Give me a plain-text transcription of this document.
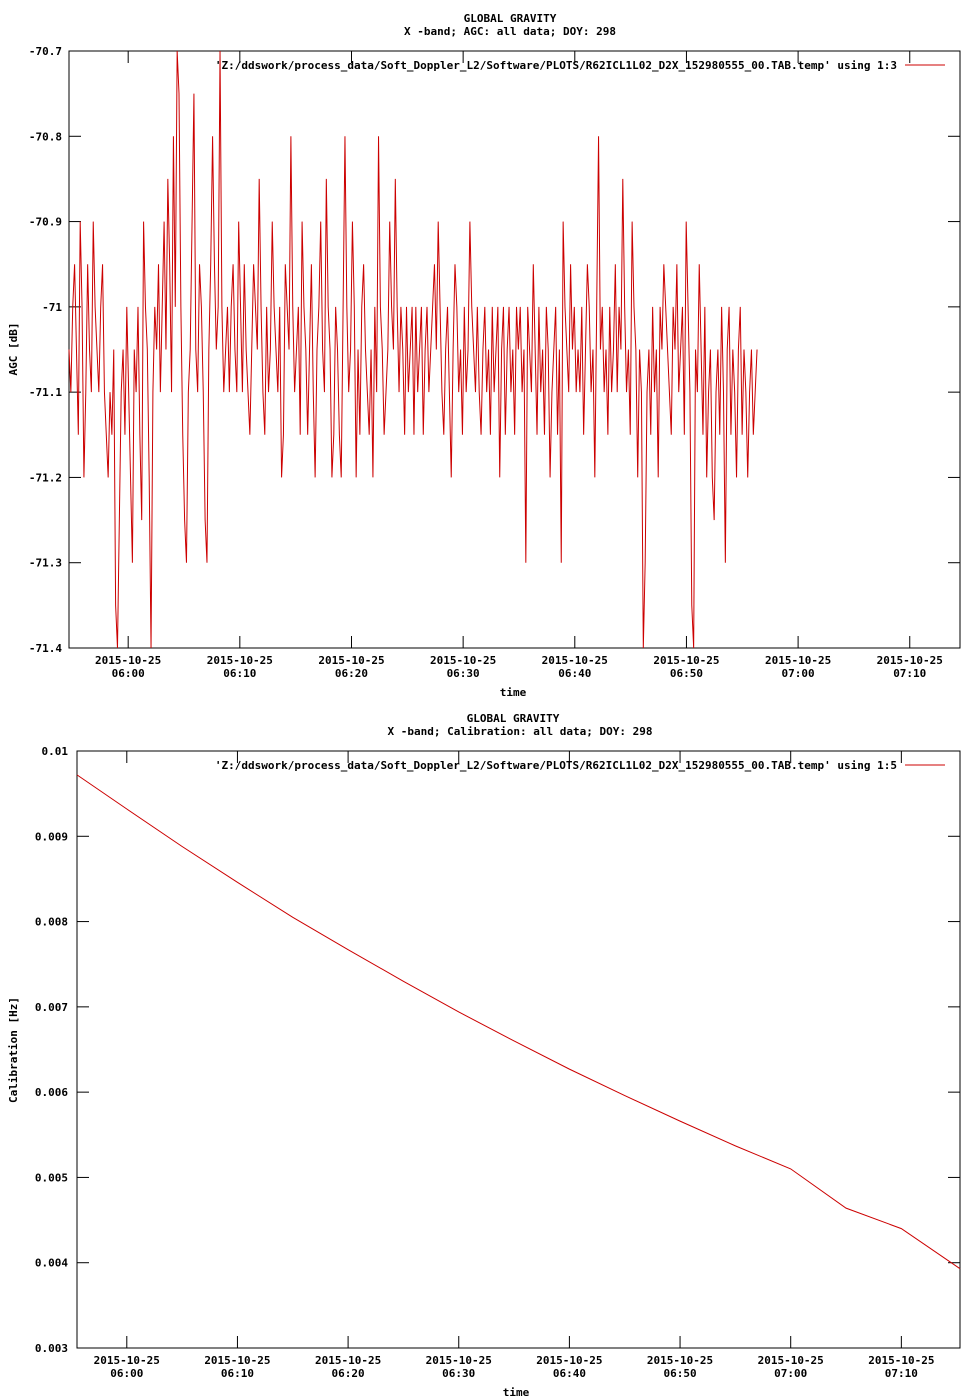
GLOBAL GRAVITY
X -band; AGC: all data; DOY: 298
-70.7
-70.8
-70.9
-71
-71.1
-71.2
-71.3
-71.4
2015-10-25
06:00
2015-10-25
06:10
2015-10-25
06:20
2015-10-25
06:30
2015-10-25
06:40
2015-10-25
06:50
2015-10-25
07:00
2015-10-25
07:10
'Z:/ddswork/process_data/Soft_Doppler_L2/Software/PLOTS/R62ICL1L02_D2X_152980555_00.TAB.temp' using 1:3
time
AGC [dB]
GLOBAL GRAVITY
X -band; Calibration: all data; DOY: 298
0.01
0.009
0.008
0.007
0.006
0.005
0.004
0.003
2015-10-25
06:00
2015-10-25
06:10
2015-10-25
06:20
2015-10-25
06:30
2015-10-25
06:40
2015-10-25
06:50
2015-10-25
07:00
2015-10-25
07:10
'Z:/ddswork/process_data/Soft_Doppler_L2/Software/PLOTS/R62ICL1L02_D2X_152980555_00.TAB.temp' using 1:5
time
Calibration [Hz]
